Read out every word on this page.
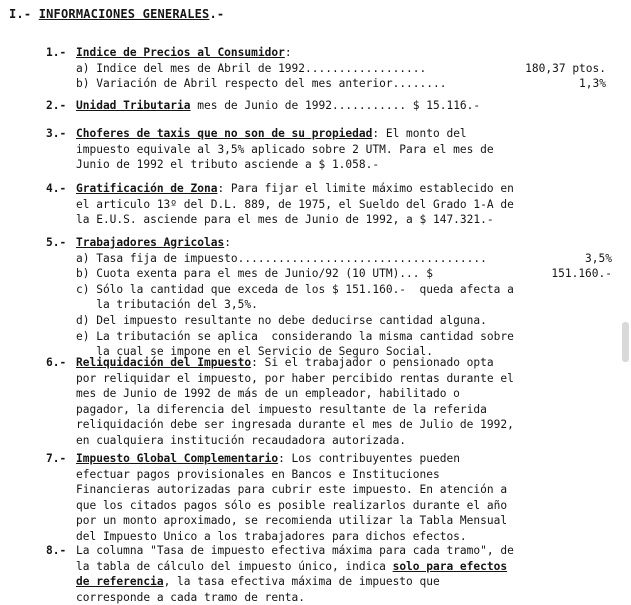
I.- INFORMACIONES GENERALES.-
1.- Indice de Precios al Consumidor:
a) Indice del mes de Abril de 1992 ..................	180,37 ptos.
b) Variación de Abril respecto del mes anterior ........	1,3%
2.- Unidad Tributaria mes de Junio de 1992........... $ 15.116.-
3.- Choferes de taxis que no son de su propiedad: El monto del
impuesto equivale al 3,5% aplicado sobre 2 UTM. Para el mes de
Junio de 1992 el tributo asciende a $ 1.058.-
4.- Gratificación de Zona: Para fijar el limite máximo establecido en
el articulo 13º del D.L. 889, de 1975, el Sueldo del Grado 1-A de
la E.U.S. asciende para el mes de Junio de 1992, a $ 147.321.-
5.- Trabajadores Agricolas:
a) Tasa fija de impuesto .....................................	3,5%
b) Cuota exenta para el mes de Junio/92 (10 UTM)... $	151.160.-
c) Sólo la cantidad que exceda de los $ 151.160.-  queda afecta a
la tributación del 3,5%.
d) Del impuesto resultante no debe deducirse cantidad alguna.
e) La tributación se aplica  considerando la misma cantidad sobre
la cual se impone en el Servicio de Seguro Social.
6.- Reliquidación del Impuesto: Si el trabajador o pensionado opta
por reliquidar el impuesto, por haber percibido rentas durante el
mes de Junio de 1992 de más de un empleador, habilitado o
pagador, la diferencia del impuesto resultante de la referida
reliquidación debe ser ingresada durante el mes de Julio de 1992,
en cualquiera institución recaudadora autorizada.
7.- Impuesto Global Complementario: Los contribuyentes pueden
efectuar pagos provisionales en Bancos e Instituciones
Financieras autorizadas para cubrir este impuesto. En atención a
que los citados pagos sólo es posible realizarlos durante el año
por un monto aproximado, se recomienda utilizar la Tabla Mensual
del Impuesto Unico a los trabajadores para dichos efectos.
8.- La columna "Tasa de impuesto efectiva máxima para cada tramo", de
la tabla de cálculo del impuesto único, indica solo para efectos
de referencia, la tasa efectiva máxima de impuesto que
corresponde a cada tramo de renta.
